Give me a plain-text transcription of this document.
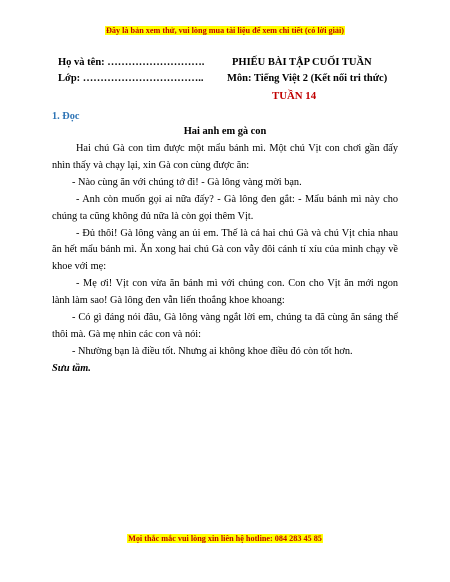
Đây là bản xem thử, vui lòng mua tài liệu để xem chi tiết (có lời giải)
Họ và tên: ……………………….	PHIẾU BÀI TẬP CUỐI TUẦN
Lớp: …………………………….. Môn: Tiếng Việt 2 (Kết nối tri thức)
TUẦN 14
1. Đọc
Hai anh em gà con

Hai chú Gà con tìm được một mẩu bánh mì. Một chú Vịt con chơi gần đấy nhìn thấy và chạy lại, xin Gà con cùng được ăn:

- Nào cùng ăn với chúng tớ đi! - Gà lông vàng mời bạn.

- Anh còn muốn gọi ai nữa đấy? - Gà lông đen gắt: - Mẩu bánh mì này cho chúng ta cũng không đủ nữa là còn gọi thêm Vịt.

- Đủ thôi! Gà lông vàng an ủi em. Thế là cả hai chú Gà và chú Vịt chia nhau ăn hết mẩu bánh mì. Ăn xong hai chú Gà con vẫy đôi cánh tí xíu của mình chạy về khoe với mẹ:

- Mẹ ơi! Vịt con vừa ăn bánh mì với chúng con. Con cho Vịt ăn mới ngon lành làm sao! Gà lông đen vẫn liến thoắng khoe khoang:

- Có gì đáng nói đâu, Gà lông vàng ngắt lời em, chúng ta đã cùng ăn sáng thế thôi mà. Gà mẹ nhìn các con và nói:

- Nhường bạn là điều tốt. Nhưng ai không khoe điều đó còn tốt hơn.

Sưu tầm.

Mọi thắc mắc vui lòng xin liên hệ hotline: 084 283 45 85
